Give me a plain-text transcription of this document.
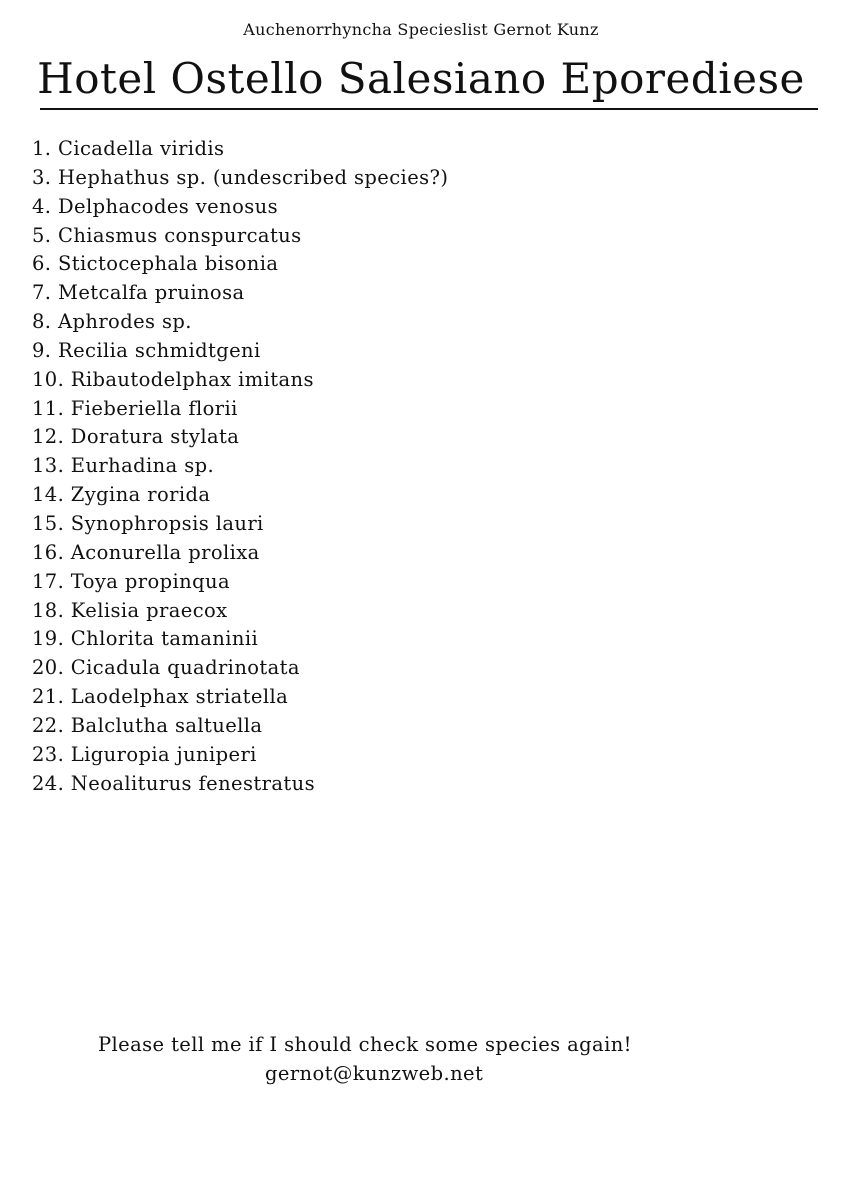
Auchenorrhyncha Specieslist Gernot Kunz
Hotel Ostello Salesiano Eporediese
1. Cicadella viridis
3. Hephathus sp. (undescribed species?)
4. Delphacodes venosus
5. Chiasmus conspurcatus
6. Stictocephala bisonia
7. Metcalfa pruinosa
8. Aphrodes sp.
9. Recilia schmidtgeni
10. Ribautodelphax imitans
11. Fieberiella florii
12. Doratura stylata
13. Eurhadina sp.
14. Zygina rorida
15. Synophropsis lauri
16. Aconurella prolixa
17. Toya propinqua
18. Kelisia praecox
19. Chlorita tamaninii
20. Cicadula quadrinotata
21. Laodelphax striatella
22. Balclutha saltuella
23. Liguropia juniperi
24. Neoaliturus fenestratus
Please tell me if I should check some species again!
gernot@kunzweb.net
